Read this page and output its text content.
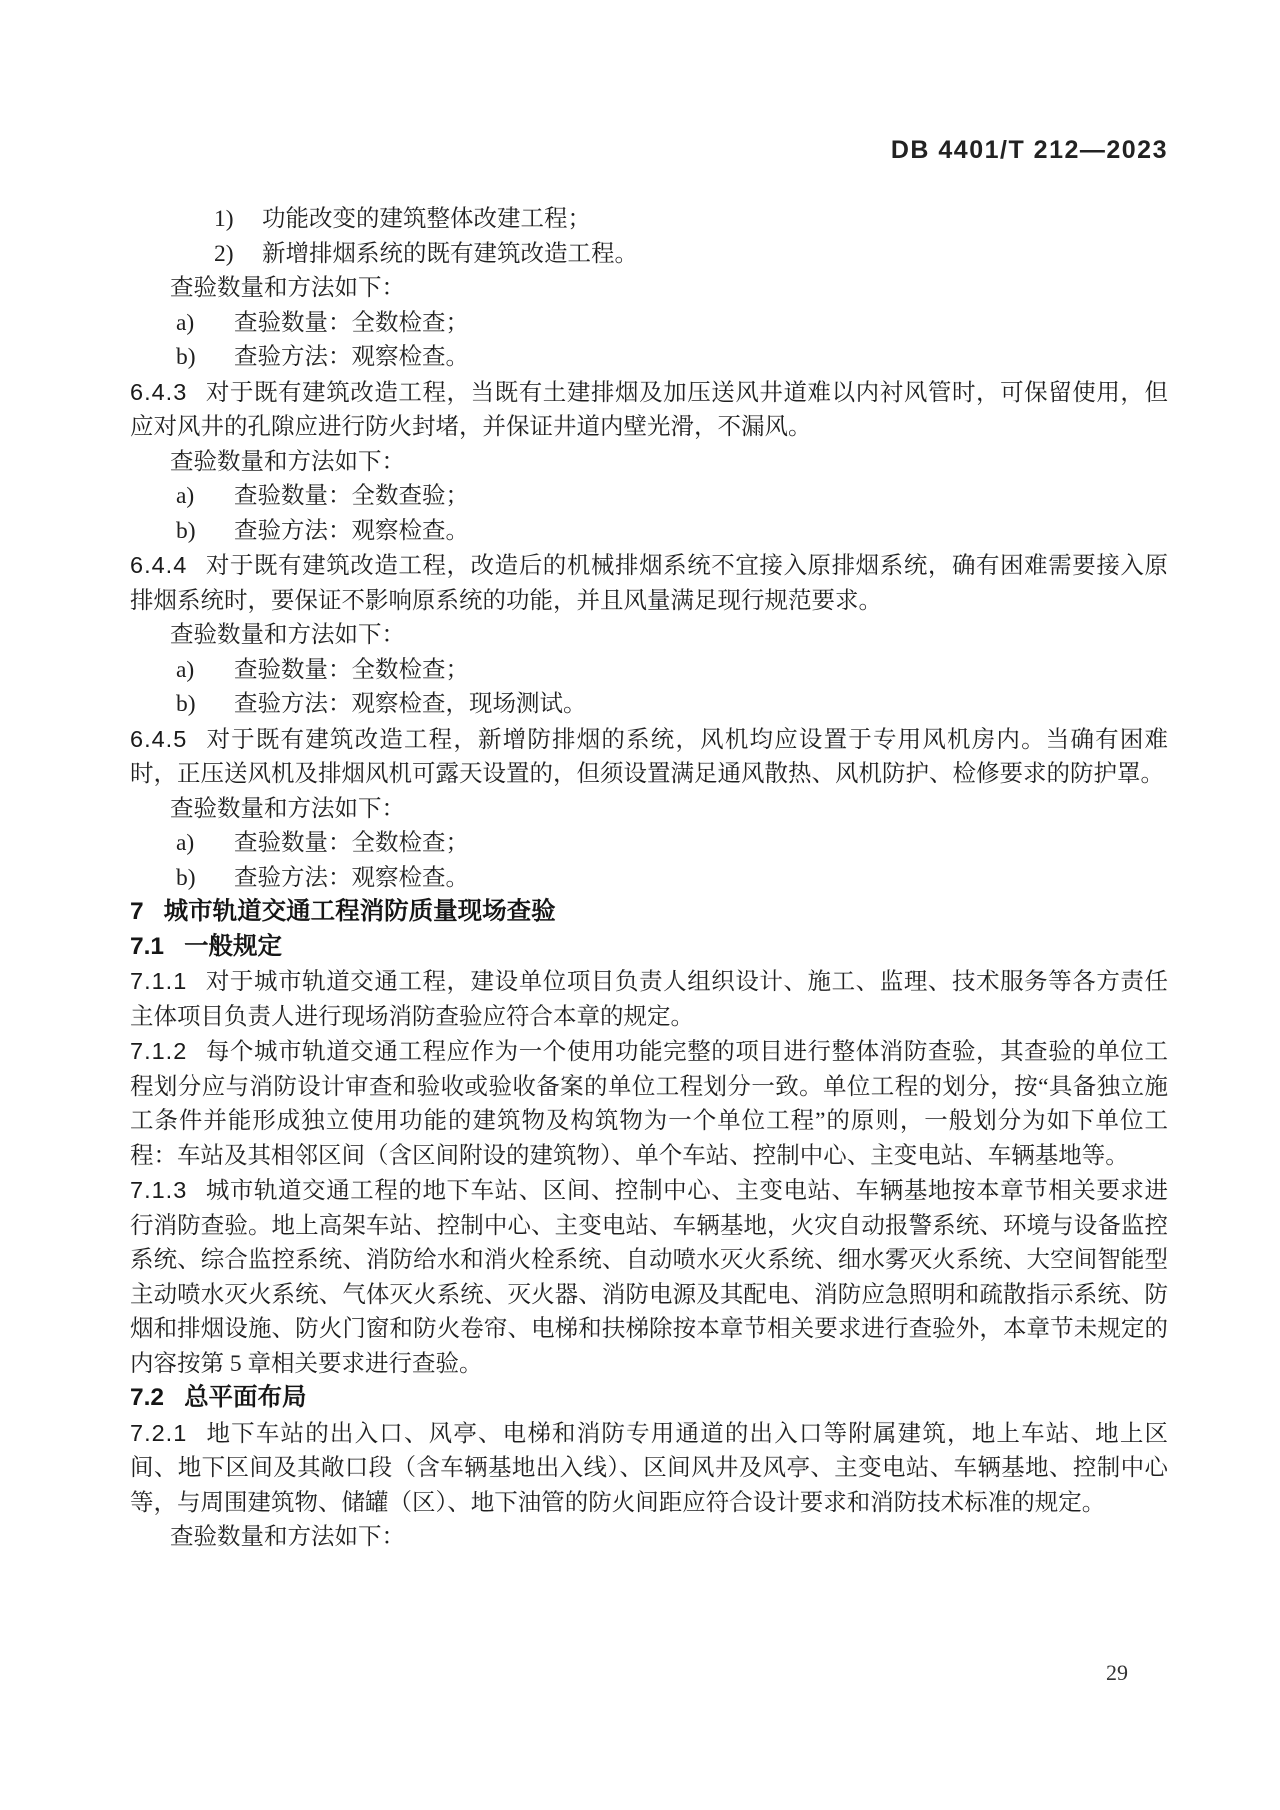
DB 4401/T 212—2023

1) 功能改变的建筑整体改建工程；

2) 新增排烟系统的既有建筑改造工程。

查验数量和方法如下：

a) 查验数量：全数检查；

b) 查验方法：观察检查。

6.4.3 对于既有建筑改造工程，当既有土建排烟及加压送风井道难以内衬风管时，可保留使用，但应对风井的孔隙应进行防火封堵，并保证井道内壁光滑，不漏风。

查验数量和方法如下：

a) 查验数量：全数查验；

b) 查验方法：观察检查。

6.4.4 对于既有建筑改造工程，改造后的机械排烟系统不宜接入原排烟系统，确有困难需要接入原排烟系统时，要保证不影响原系统的功能，并且风量满足现行规范要求。

查验数量和方法如下：

a) 查验数量：全数检查；

b) 查验方法：观察检查，现场测试。

6.4.5 对于既有建筑改造工程，新增防排烟的系统，风机均应设置于专用风机房内。当确有困难时，正压送风机及排烟风机可露天设置的，但须设置满足通风散热、风机防护、检修要求的防护罩。

查验数量和方法如下：

a) 查验数量：全数检查；

b) 查验方法：观察检查。

7 城市轨道交通工程消防质量现场查验

7.1 一般规定

7.1.1 对于城市轨道交通工程，建设单位项目负责人组织设计、施工、监理、技术服务等各方责任主体项目负责人进行现场消防查验应符合本章的规定。

7.1.2 每个城市轨道交通工程应作为一个使用功能完整的项目进行整体消防查验，其查验的单位工程划分应与消防设计审查和验收或验收备案的单位工程划分一致。单位工程的划分，按“具备独立施工条件并能形成独立使用功能的建筑物及构筑物为一个单位工程”的原则，一般划分为如下单位工程：车站及其相邻区间（含区间附设的建筑物）、单个车站、控制中心、主变电站、车辆基地等。

7.1.3 城市轨道交通工程的地下车站、区间、控制中心、主变电站、车辆基地按本章节相关要求进行消防查验。地上高架车站、控制中心、主变电站、车辆基地，火灾自动报警系统、环境与设备监控系统、综合监控系统、消防给水和消火栓系统、自动喷水灭火系统、细水雾灭火系统、大空间智能型主动喷水灭火系统、气体灭火系统、灭火器、消防电源及其配电、消防应急照明和疏散指示系统、防烟和排烟设施、防火门窗和防火卷帘、电梯和扶梯除按本章节相关要求进行查验外，本章节未规定的内容按第 5 章相关要求进行查验。

7.2 总平面布局

7.2.1 地下车站的出入口、风亭、电梯和消防专用通道的出入口等附属建筑，地上车站、地上区间、地下区间及其敞口段（含车辆基地出入线）、区间风井及风亭、主变电站、车辆基地、控制中心等，与周围建筑物、储罐（区）、地下油管的防火间距应符合设计要求和消防技术标准的规定。

查验数量和方法如下：

29
